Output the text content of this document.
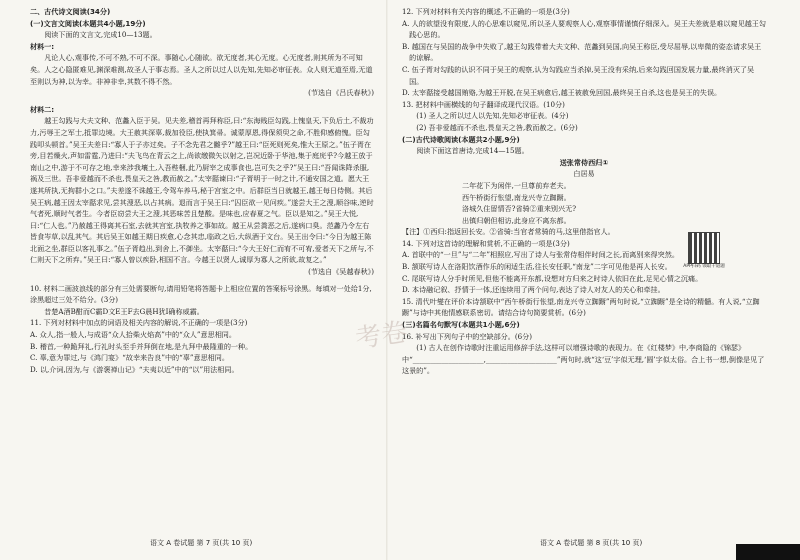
二、古代诗文阅读(34分)

(一)文言文阅读(本题共4小题,19分)

阅读下面的文言文,完成10—13题。

材料一:

凡论人心,观事传,不可不熟,不可不深。事随心,心随欲。欲无度者,其心无度。心无度者,则其所为不可知矣。人之心隐匿难见,渊深难测,故圣人于事志焉。圣人之所以过人以先知,先知必审征表。众人则无道至焉,无道至则以为神,以为幸。非神非幸,其数不得不然。

(节选自《吕氏春秋》)

材料二:

越王勾践与大夫文种、范蠡入臣于吴。见夫差,稽首再拜称臣,曰:“东海贱臣勾践,上愧皇天,下负后土,不裁功力,污辱王之军士,抵罪边境。大王赦其深辜,裁加役臣,使执箕帚。诚蒙厚恩,得保须臾之命,不胜仰感俯愧。臣勾践叩头顿首。”吴王夫差曰:“寡人于子亦过矣。子不念先君之雠乎?”越王曰:“臣死则死矣,惟大王原之。”伍子胥在旁,目若燥火,声如雷霆,乃进曰:“夫飞鸟在青云之上,尚欲缴微矢以射之,岂况近卧于华池,集于庭庑乎?今越王放于南山之中,游于不可存之地,幸来涉我壤土,入吾梐梱,此乃厨宰之成事食也,岂可失之乎?”吴王曰:“吾闻诛降杀服,祸及三世。吾非爱越而不杀也,畏皇天之咎,教而赦之。”太宰嚭谏曰:“子胥明于一时之计,不通安国之道。愿大王遂其所执,无拘群小之口。”夫差遂不诛越王,令驾车养马,秘于宫室之中。后群臣当日就越王,越王每日侍侧。其后吴王病,越王因太宰嚭求见,尝其溲恶,以占其病。退而言于吴王曰:“囚臣欲一见问疾。”遂尝大王之溲,顺谷味,逆时气者死,顺时气者生。今者臣窃尝大王之溲,其恶味苦且楚酸。是味也,应春夏之气。臣以是知之。”吴王大悦,曰:“仁人也。”乃赦越王得离其石室,去就其宫室,执牧养之事如故。越王从尝粪恶之后,遂病口臭。范蠡乃令左右皆食岑草,以乱其气。其后吴王如越王期日疾愈,心念其忠,临政之后,大纵酒于文台。吴王出令曰:“今日为越王陈北面之坐,群臣以客礼事之。”伍子胥趋出,到舍上,不御坐。太宰嚭曰:“今大王好仁而宥不可宥,爱者天下之所与,不仁则天下之所弃。”吴王曰:“寡人曾以疾卧,相国不言。今越王以贤人,诚厚为寡人之所欲,故复之。”

(节选自《吴越春秋》)

10. 材料二画波浪线的部分有三处需要断句,请用铅笔将答题卡上相应位置的答案标号涂黑。每填对一处给1分,涂黑超过三处不给分。(3分)

昔楚A酒B酣而C霸D文E王F去G晨H犹I确称威霸。

11. 下列对材料中加点的词语及相关内容的解说,不正确的一项是(3分)

A. 众人,指一般人,与成语“众人拾柴火焰高”中的“众人”意思相同。

B. 稽首,一种跪拜礼,行礼时头至手并拜倒在地,是九拜中最隆重的一种。

C. 辜,意为罪过,与《鸿门宴》“故幸来告良”中的“辜”意思相同。

D. 以,介词,因为,与《游褒禅山记》“夫夷以近”中的“以”用法相同。

12. 下列对材料有关内容的概述,不正确的一项是(3分)

A. 人的欲望没有限度,人的心思难以窥见,所以圣人要观察人心,观察事情谨慎仔细深入。吴王夫差就是难以窥见越王勾践心思的。

B. 越国在与吴国的战争中失败了,越王勾践带着大夫文种、范蠡到吴国,向吴王称臣,受尽屈辱,以卑微的姿态请求吴王的谅解。

C. 伍子胥对勾践的认识不同于吴王的观察,认为勾践应当杀掉,吴王没有采纳,后来勾践回国发展力量,最终消灭了吴国。

D. 太宰嚭接受越国贿赂,为越王开脱,在吴王病愈后,越王被赦免回国,最终吴王自杀,这也是吴王的失误。

13. 把材料中画横线的句子翻译成现代汉语。(10分)

(1) 圣人之所以过人以先知,先知必审征表。(4分)

(2) 吾非爱越而不杀也,畏皇天之咎,教而赦之。(6分)

(二)古代诗歌阅读(本题共2小题,9分)

阅读下面这首唐诗,完成14—15题。

送张常侍西归①

白居易

二年花下为闲伴,一旦尊前弃老夫。

西午桥街行怅望,南龙兴寺立踟蹰。

洛城久住留情否?省骑②重来别兴无?

出镇归朝但相访,此身应不离东都。

【注】①西归:指返回长安。②省骑:当官者常骑的马,这里借指官人。

14. 下列对这首诗的理解和赏析,不正确的一项是(3分)

A. 首联中的“一旦”与“二年”相照应,写出了诗人与张常侍相伴时间之长,而离别来得突然。

B. 颔联写诗人在洛阳饮酒作乐的闲适生活,往长安任职,“南龙”二字可见他是再人长安。

C. 尾联写诗人分手时所见,但他不能离开东都,设想对方归来之时诗人依旧在此,足见心情之沉痛。

D. 本诗融记叙、抒情于一体,还连续用了两个问句,表达了诗人对友人的关心和牵挂。

15. 清代叶燮在评价本诗颔联中“西午桥街行怅望,南龙兴寺立踟蹰”两句时说,“立踟蹰”是全诗的精髓。有人说,“立踟蹰”与诗中其他情感联系密切。请结合诗句简要赏析。(6分)

(三)名篇名句默写(本题共1小题,6分)

16. 补写出下列句子中的空缺部分。(6分)

(1) 古人在创作诗歌时注重运用修辞手法,这样可以增强诗歌的表现力。在《红楼梦》中,李商隐的《锦瑟》中“____________________,____________________”两句时,就“这‘豆’字似无理,‘圆’字似太俗。合上书一想,倒像是见了这景的”。

APP扫码 领取千道题
考卷
语文 A 卷试题 第 7 页(共 10 页)	语文 A 卷试题 第 8 页(共 10 页)
